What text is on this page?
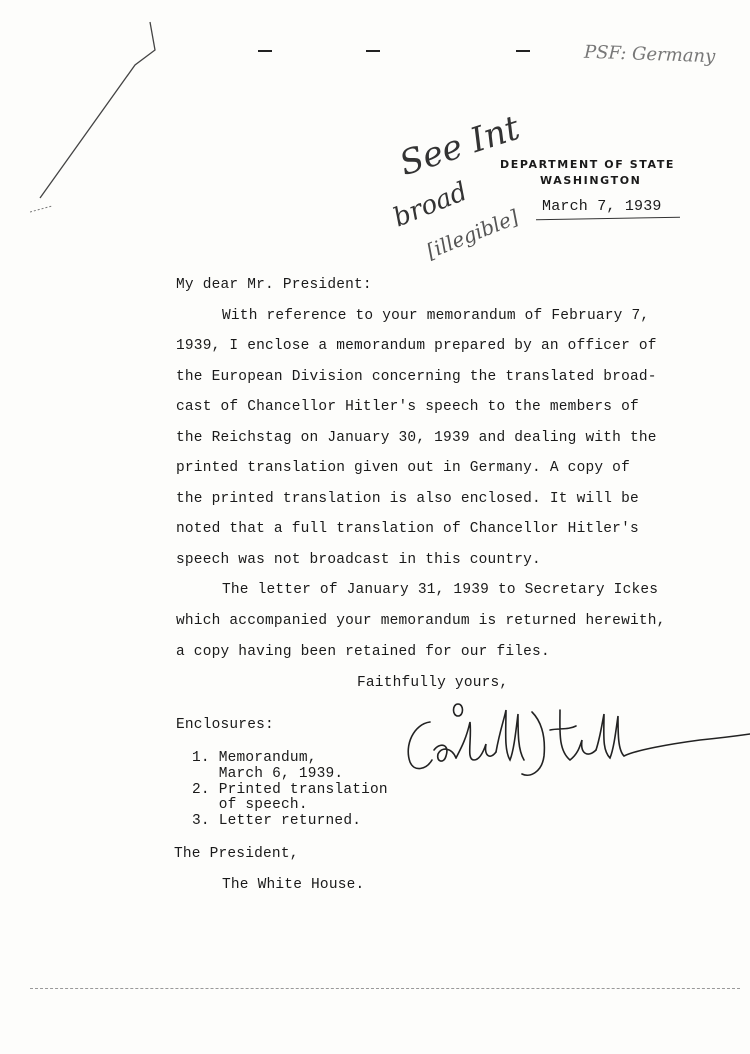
PSF: Germany
See Int
broad
[illegible]
DEPARTMENT OF STATE
WASHINGTON
March 7, 1939
My dear Mr. President:
With reference to your memorandum of February 7,
1939, I enclose a memorandum prepared by an officer of
the European Division concerning the translated broad-
cast of Chancellor Hitler's speech to the members of
the Reichstag on January 30, 1939 and dealing with the
printed translation given out in Germany. A copy of
the printed translation is also enclosed. It will be
noted that a full translation of Chancellor Hitler's
speech was not broadcast in this country.
The letter of January 31, 1939 to Secretary Ickes
which accompanied your memorandum is returned herewith,
a copy having been retained for our files.
Faithfully yours,
Enclosures:
1. Memorandum,
March 6, 1939.
2. Printed translation
of speech.
3. Letter returned.
The President,
The White House.
